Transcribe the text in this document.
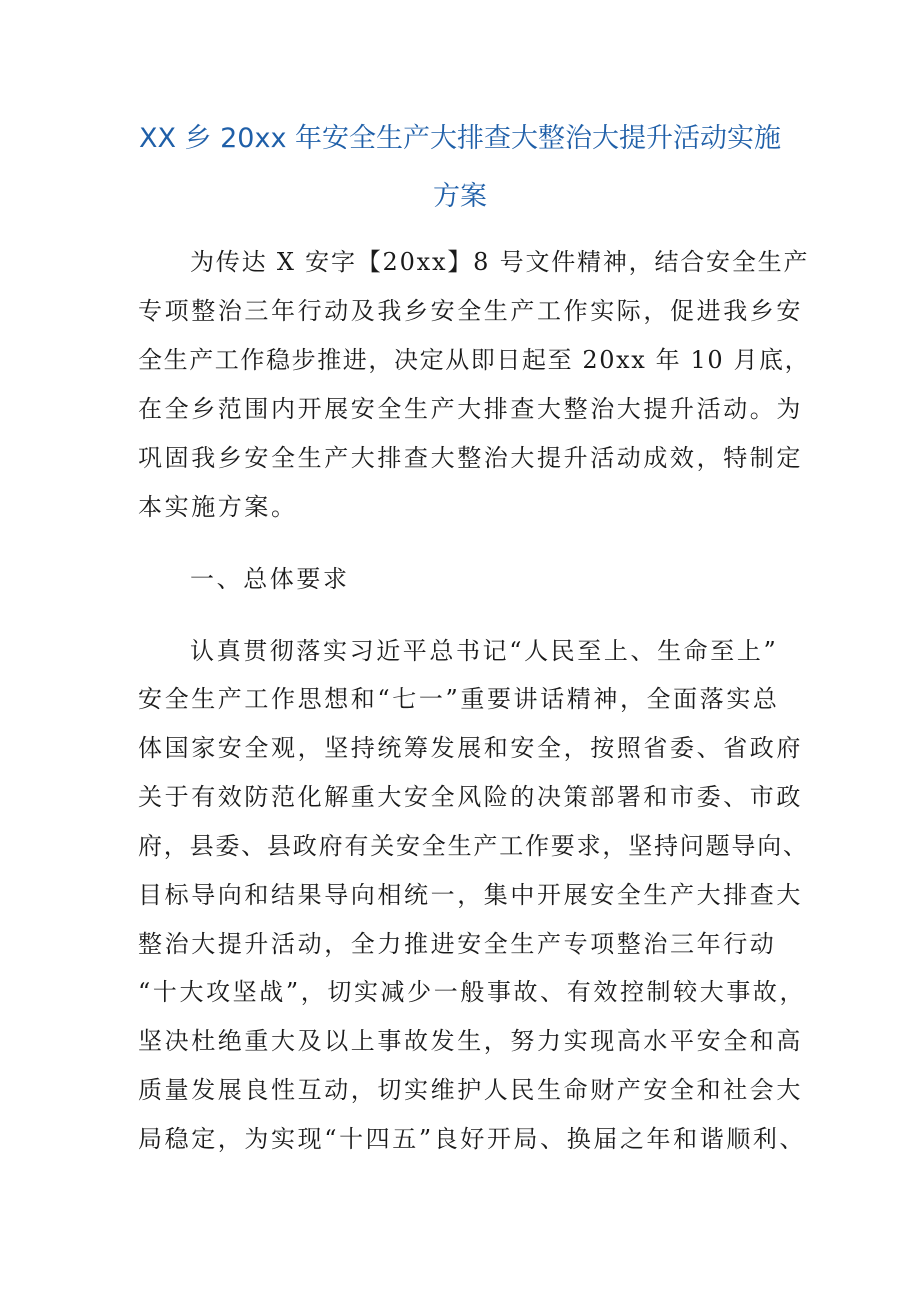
XX 乡 20xx 年安全生产大排查大整治大提升活动实施
方案
为传达 X 安字【20xx】8 号文件精神，结合安全生产
专项整治三年行动及我乡安全生产工作实际，促进我乡安
全生产工作稳步推进，决定从即日起至 20xx 年 10 月底，
在全乡范围内开展安全生产大排查大整治大提升活动。为
巩固我乡安全生产大排查大整治大提升活动成效，特制定
本实施方案。
一、总体要求
认真贯彻落实习近平总书记“人民至上、生命至上”
安全生产工作思想和“七一”重要讲话精神，全面落实总
体国家安全观，坚持统筹发展和安全，按照省委、省政府
关于有效防范化解重大安全风险的决策部署和市委、市政
府，县委、县政府有关安全生产工作要求，坚持问题导向、
目标导向和结果导向相统一，集中开展安全生产大排查大
整治大提升活动，全力推进安全生产专项整治三年行动
“十大攻坚战”，切实减少一般事故、有效控制较大事故，
坚决杜绝重大及以上事故发生，努力实现高水平安全和高
质量发展良性互动，切实维护人民生命财产安全和社会大
局稳定，为实现“十四五”良好开局、换届之年和谐顺利、
